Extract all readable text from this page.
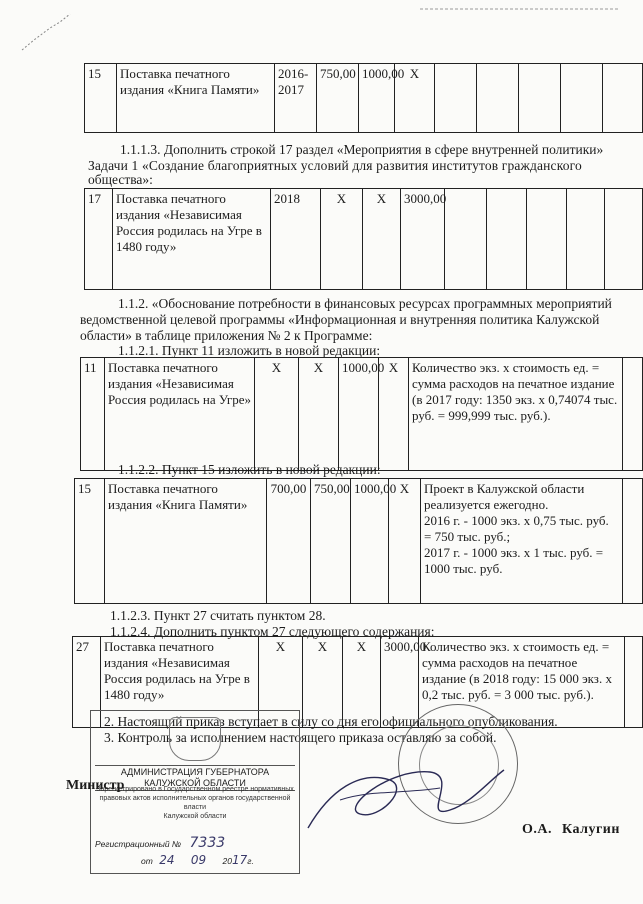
15	Поставка печатного издания «Книга Памяти»	2016-2017	750,00	1000,00	Х					
1.1.1.3. Дополнить строкой 17 раздел «Мероприятия в сфере внутренней политики»
Задачи 1 «Создание благоприятных условий для развития институтов гражданского
общества»:
17	Поставка печатного издания «Независимая Россия родилась на Угре в 1480 году»	2018	Х	Х	3000,00					
1.1.2. «Обоснование потребности в финансовых ресурсах программных мероприятий
ведомственной целевой программы «Информационная и внутренняя политика Калужской
области» в таблице приложения № 2 к Программе:
1.1.2.1. Пункт 11 изложить в новой редакции:
11	Поставка печатного издания «Независимая Россия родилась на Угре»	Х	Х	1000,00	Х	Количество экз. х стоимость ед. = сумма расходов на печатное издание (в 2017 году: 1350 экз. х 0,74074 тыс. руб. = 999,999 тыс. руб.).	
1.1.2.2. Пункт 15 изложить в новой редакции:
15	Поставка печатного издания «Книга Памяти»	700,00	750,00	1000,00	Х	Проект в Калужской области реализуется ежегодно.
2016 г. - 1000 экз. х 0,75 тыс. руб. = 750 тыс. руб.;
2017 г. - 1000 экз. х 1 тыс. руб. = 1000 тыс. руб.

1.1.2.3. Пункт 27 считать пунктом 28.
1.1.2.4. Дополнить пунктом 27 следующего содержания:
27	Поставка печатного издания «Независимая Россия родилась на Угре в 1480 году»	Х	Х	Х	3000,00	Количество экз. х стоимость ед. = сумма расходов на печатное издание (в 2018 году: 15 000 экз. х 0,2 тыс. руб. = 3 000 тыс. руб.).	
2. Настоящий приказ вступает в силу со дня его официального опубликования.
3. Контроль за исполнением настоящего приказа оставляю за собой.
АДМИНИСТРАЦИЯ ГУБЕРНАТОРА КАЛУЖСКОЙ ОБЛАСТИ
Зарегистрировано в Государственном реестре нормативных
правовых актов исполнительных органов государственной власти
Калужской области
Регистрационный № 7333
от 24 09 2017г.
Министр
О.А. Калугин
